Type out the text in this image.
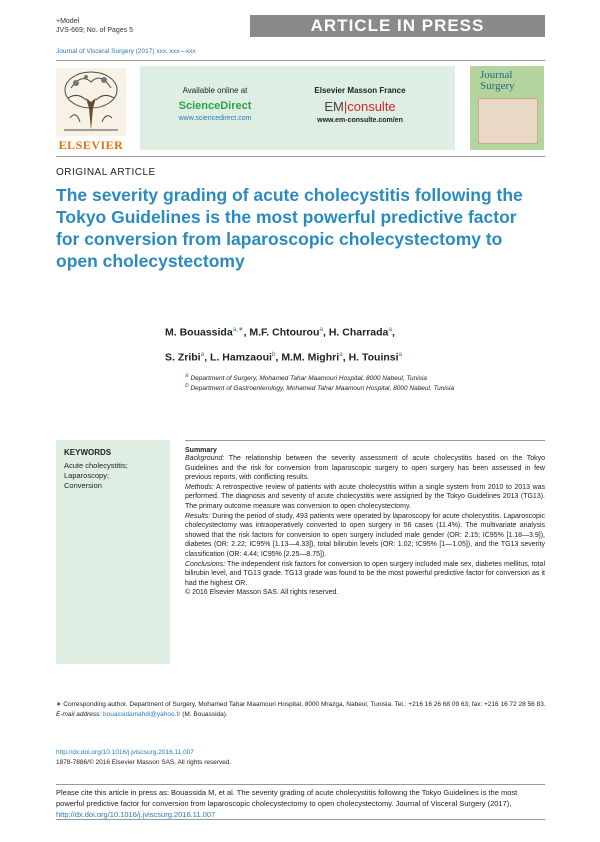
+Model
JVS-669; No. of Pages 5	ARTICLE IN PRESS
Journal of Visceral Surgery (2017) xxx, xxx—xxx
ELSEVIER
Available online at
ScienceDirect
www.sciencedirect.com
Elsevier Masson France
EM|consulte
www.em-consulte.com/en
Journal Surgery
ORIGINAL ARTICLE
The severity grading of acute cholecystitis following the Tokyo Guidelines is the most powerful predictive factor for conversion from laparoscopic cholecystectomy to open cholecystectomy
M. Bouassida$^{a,∗}$, M.F. Chtourou$^a$, H. Charrada$^a$,
S. Zribi$^a$, L. Hamzaoui$^b$, M.M. Mighri$^a$, H. Touinsi$^a$
$^a$ Department of Surgery, Mohamed Tahar Maamouri Hospital, 8000 Nabeul, Tunisia
$^b$ Department of Gastroenterology, Mohamed Tahar Maamouri Hospital, 8000 Nabeul, Tunisia
KEYWORDS
Acute cholecystitis;
Laparoscopy;
Conversion
Summary
Background: The relationship between the severity assessment of acute cholecystitis based on the Tokyo Guidelines and the risk for conversion from laparoscopic surgery to open surgery has been assessed in few previous reports, with conflicting results.
Methods: A retrospective review of patients with acute cholecystitis within a single system from 2010 to 2013 was performed. The diagnosis and severity of acute cholecystitis were assigned by the Tokyo Guidelines 2013 (TG13). The primary outcome measure was conversion to open cholecystectomy.
Results: During the period of study, 493 patients were operated by laparoscopy for acute cholecystitis. Laparoscopic cholecystectomy was intraoperatively converted to open surgery in 56 cases (11.4%). The multivariate analysis showed that the risk factors for conversion to open surgery included male gender (OR: 2.15; IC95% [1.18—3.9]), diabetes (OR: 2.22; IC95% [1.13—4.33]), total bilirubin levels (OR: 1.02; IC95% [1—1.05]), and the TG13 severity classification (OR: 4.44; IC95% [2.25—8.75]).
Conclusions: The independent risk factors for conversion to open surgery included male sex, diabetes mellitus, total bilirubin level, and TG13 grade. TG13 grade was found to be the most powerful predictive factor for conversion as it had the highest OR.
© 2016 Elsevier Masson SAS. All rights reserved.
∗ Corresponding author. Department of Surgery, Mohamed Tahar Maamouri Hospital, 8000 Mrazga, Nabeul, Tunisia. Tel.: +216 16 26 68 09 63; fax: +216 16 72 28 56 83.
E-mail address: bouassidamahdi@yahoo.fr (M. Bouassida).
http://dx.doi.org/10.1016/j.jviscsurg.2016.11.007
1878-7886/© 2016 Elsevier Masson SAS. All rights reserved.
Please cite this article in press as: Bouassida M, et al. The severity grading of acute cholecystitis following the Tokyo Guidelines is the most powerful predictive factor for conversion from laparoscopic cholecystectomy to open cholecystectomy. Journal of Visceral Surgery (2017), http://dx.doi.org/10.1016/j.jviscsurg.2016.11.007
